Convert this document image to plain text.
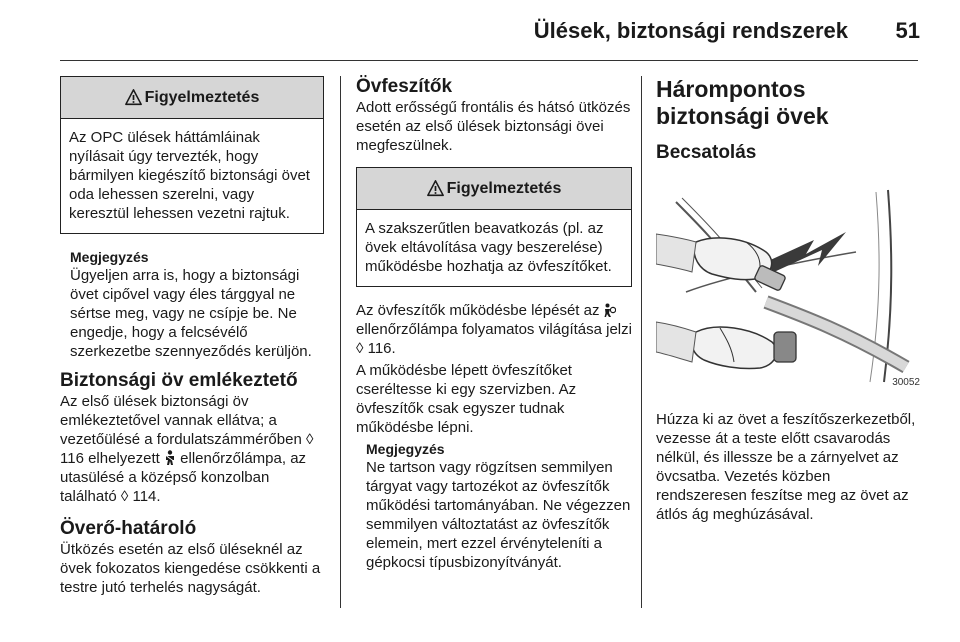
Ülések, biztonsági rendszerek 51
Figyelmeztetés
Az OPC ülések háttámláinak nyílásait úgy tervezték, hogy bármilyen kiegészítő biztonsági övet oda lehessen szerelni, vagy keresztül lehessen vezetni rajtuk.
Megjegyzés
Ügyeljen arra is, hogy a biztonsági övet cipővel vagy éles tárggyal ne sértse meg, vagy ne csípje be. Ne engedje, hogy a felcsévélő szerkezetbe szennyeződés kerüljön.
Biztonsági öv emlékeztető
Az első ülések biztonsági öv emlékeztetővel vannak ellátva; a vezetőülésé a fordulatszámmérőben ◊ 116 elhelyezett ellenőrzőlámpa, az utasülésé a középső konzolban található ◊ 114.
Överő-határoló
Ütközés esetén az első üléseknél az övek fokozatos kiengedése csökkenti a testre jutó terhelés nagyságát.
Övfeszítők
Adott erősségű frontális és hátsó ütközés esetén az első ülések biztonsági övei megfeszülnek.
Figyelmeztetés
A szakszerűtlen beavatkozás (pl. az övek eltávolítása vagy beszerelése) működésbe hozhatja az övfeszítőket.
Az övfeszítők működésbe lépését az  ellenőrzőlámpa folyamatos világítása jelzi ◊ 116.
A működésbe lépett övfeszítőket cseréltesse ki egy szervizben. Az övfeszítők csak egyszer tudnak működésbe lépni.
Megjegyzés
Ne tartson vagy rögzítsen semmilyen tárgyat vagy tartozékot az övfeszítők működési tartományában. Ne végezzen semmilyen változtatást az övfeszítők elemein, mert ezzel érvényteleníti a gépkocsi típusbizonyítványát.
Hárompontos biztonsági övek
Becsatolás
30052
Húzza ki az övet a feszítőszerkezetből, vezesse át a teste előtt csavarodás nélkül, és illessze be a zárnyelvet az övcsatba. Vezetés közben rendszeresen feszítse meg az övet az átlós ág meghúzásával.
